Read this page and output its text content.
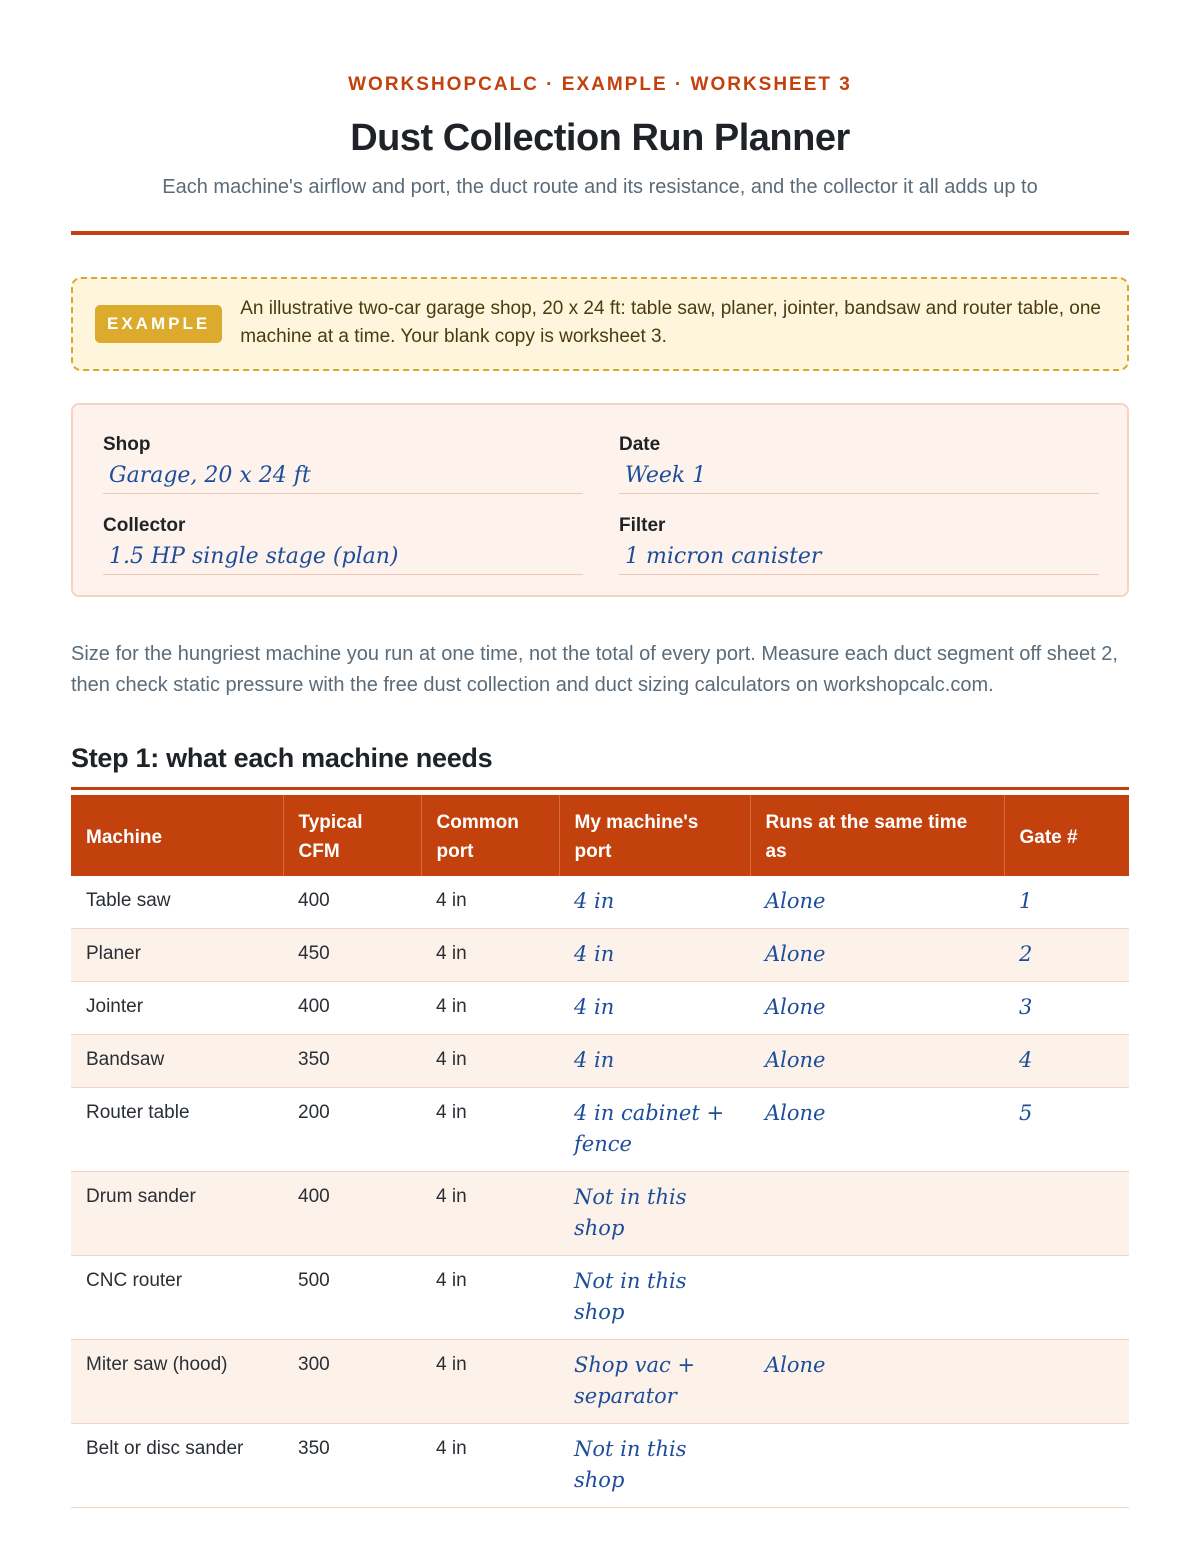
WORKSHOPCALC · EXAMPLE · WORKSHEET 3
Dust Collection Run Planner
Each machine's airflow and port, the duct route and its resistance, and the collector it all adds up to
EXAMPLE
An illustrative two-car garage shop, 20 x 24 ft: table saw, planer, jointer, bandsaw and router table, one machine at a time. Your blank copy is worksheet 3.
Shop
Garage, 20 x 24 ft
Date
Week 1
Collector
1.5 HP single stage (plan)
Filter
1 micron canister
Size for the hungriest machine you run at one time, not the total of every port. Measure each duct segment off sheet 2, then check static pressure with the free dust collection and duct sizing calculators on workshopcalc.com.
Step 1: what each machine needs
Machine	Typical CFM	Common port	My machine's port	Runs at the same time as	Gate #
Table saw	400	4 in	4 in	Alone	1
Planer	450	4 in	4 in	Alone	2
Jointer	400	4 in	4 in	Alone	3
Bandsaw	350	4 in	4 in	Alone	4
Router table	200	4 in	4 in cabinet + fence	Alone	5
Drum sander	400	4 in	Not in this shop		
CNC router	500	4 in	Not in this shop		
Miter saw (hood)	300	4 in	Shop vac + separator	Alone	
Belt or disc sander	350	4 in	Not in this shop		
